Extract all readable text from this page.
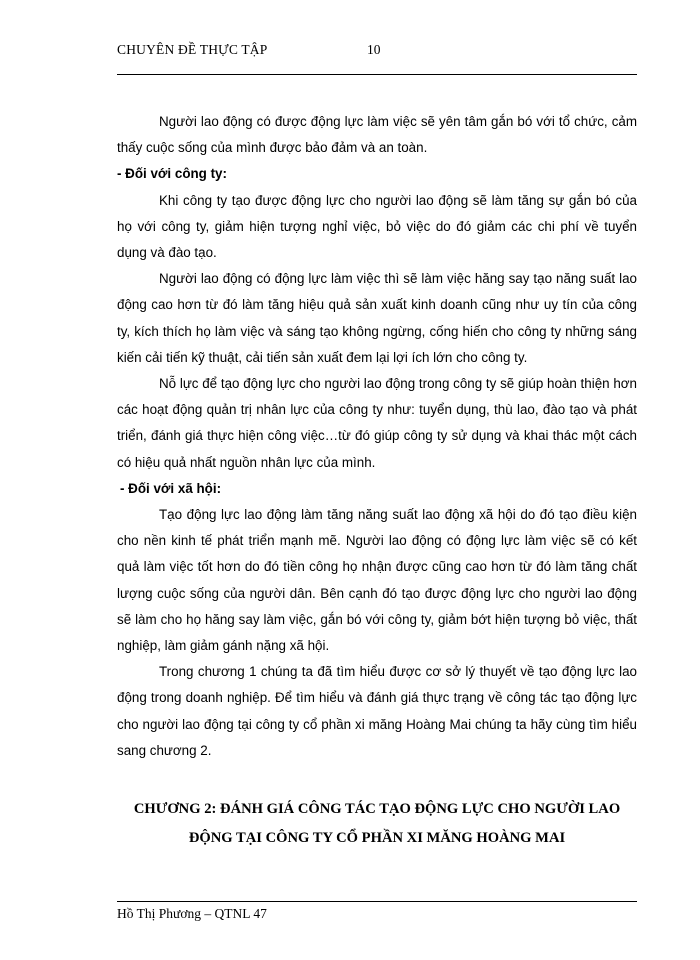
CHUYÊN ĐỀ THỰC TẬP	10

Người lao động có được động lực làm việc sẽ yên tâm gắn bó với tổ chức, cảm thấy cuộc sống của mình được bảo đảm và an toàn.

- Đối với công ty:

Khi công ty tạo được động lực cho người lao động sẽ làm tăng sự gắn bó của họ với công ty, giảm hiện tượng nghỉ việc, bỏ việc do đó giảm các chi phí về tuyển dụng và đào tạo.

Người lao động có động lực làm việc thì sẽ làm việc hăng say tạo năng suất lao động cao hơn từ đó làm tăng hiệu quả sản xuất kinh doanh cũng như uy tín của công ty, kích thích họ làm việc và sáng tạo không ngừng, cống hiến cho công ty những sáng kiến cải tiến kỹ thuật, cải tiến sản xuất đem lại lợi ích lớn cho công ty.

Nỗ lực để tạo động lực cho người lao động trong công ty sẽ giúp hoàn thiện hơn các hoạt động quản trị nhân lực của công ty như: tuyển dụng, thù lao, đào tạo và phát triển, đánh giá thực hiện công việc…từ đó giúp công ty sử dụng và khai thác một cách có hiệu quả nhất nguồn nhân lực của mình.

- Đối với xã hội:

Tạo động lực lao động làm tăng năng suất lao động xã hội do đó tạo điều kiện cho nền kinh tế phát triển mạnh mẽ. Người lao động có động lực làm việc sẽ có kết quả làm việc tốt hơn do đó tiền công họ nhận được cũng cao hơn từ đó làm tăng chất lượng cuộc sống của người dân. Bên cạnh đó tạo được động lực cho người lao động sẽ làm cho họ hăng say làm việc, gắn bó với công ty, giảm bớt hiện tượng bỏ việc, thất nghiệp, làm giảm gánh nặng xã hội.

Trong chương 1 chúng ta đã tìm hiểu được cơ sở lý thuyết về tạo động lực lao động trong doanh nghiệp. Để tìm hiểu và đánh giá thực trạng về công tác tạo động lực cho người lao động tại công ty cổ phần xi măng Hoàng Mai chúng ta hãy cùng tìm hiểu sang chương 2.

CHƯƠNG 2: ĐÁNH GIÁ CÔNG TÁC TẠO ĐỘNG LỰC CHO NGƯỜI LAO
ĐỘNG TẠI CÔNG TY CỔ PHẦN XI MĂNG HOÀNG MAI
Hồ Thị Phương – QTNL 47
